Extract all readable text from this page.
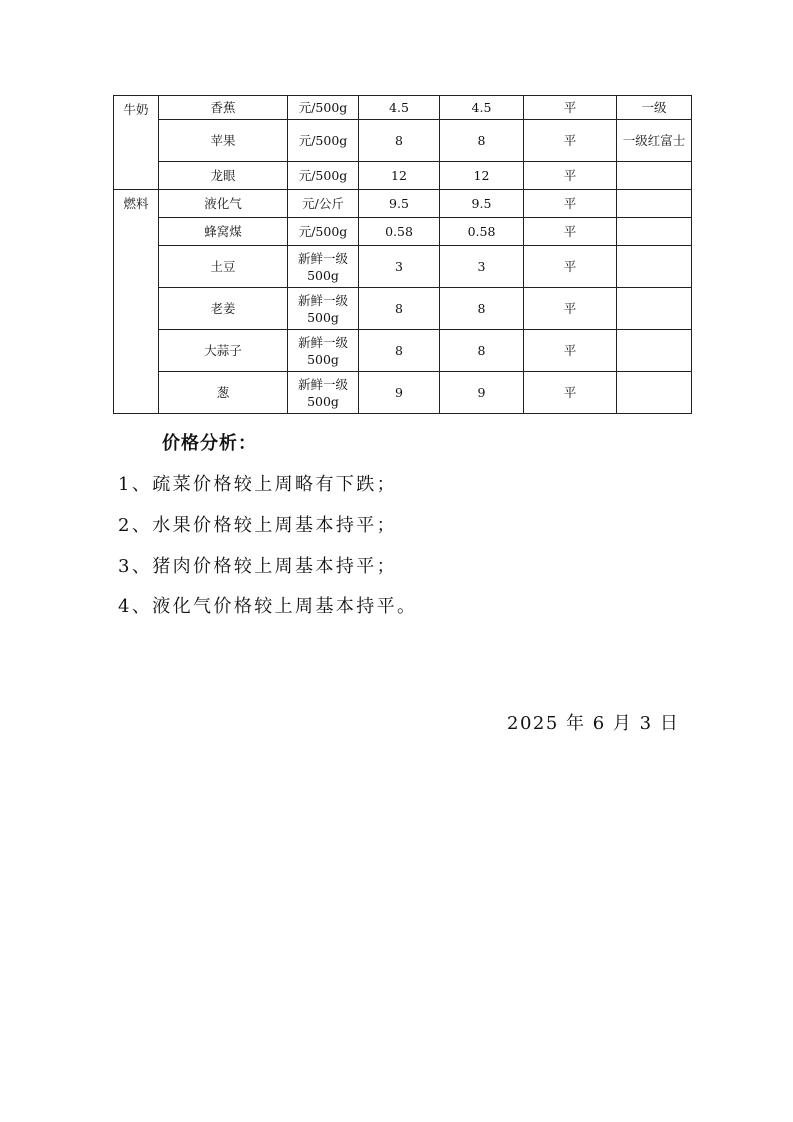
牛奶	香蕉	元/500g	4.5	4.5	平	一级
	苹果	元/500g	8	8	平	一级红富士
	龙眼	元/500g	12	12	平	
燃料	液化气	元/公斤	9.5	9.5	平	
	蜂窝煤	元/500g	0.58	0.58	平	
	土豆	新鲜一级500g	3	3	平	
	老姜	新鲜一级500g	8	8	平	
	大蒜子	新鲜一级500g	8	8	平	
	葱	新鲜一级500g	9	9	平	
价格分析：
1、疏菜价格较上周略有下跌；
2、水果价格较上周基本持平；
3、猪肉价格较上周基本持平；
4、液化气价格较上周基本持平。
2025 年 6 月 3 日
